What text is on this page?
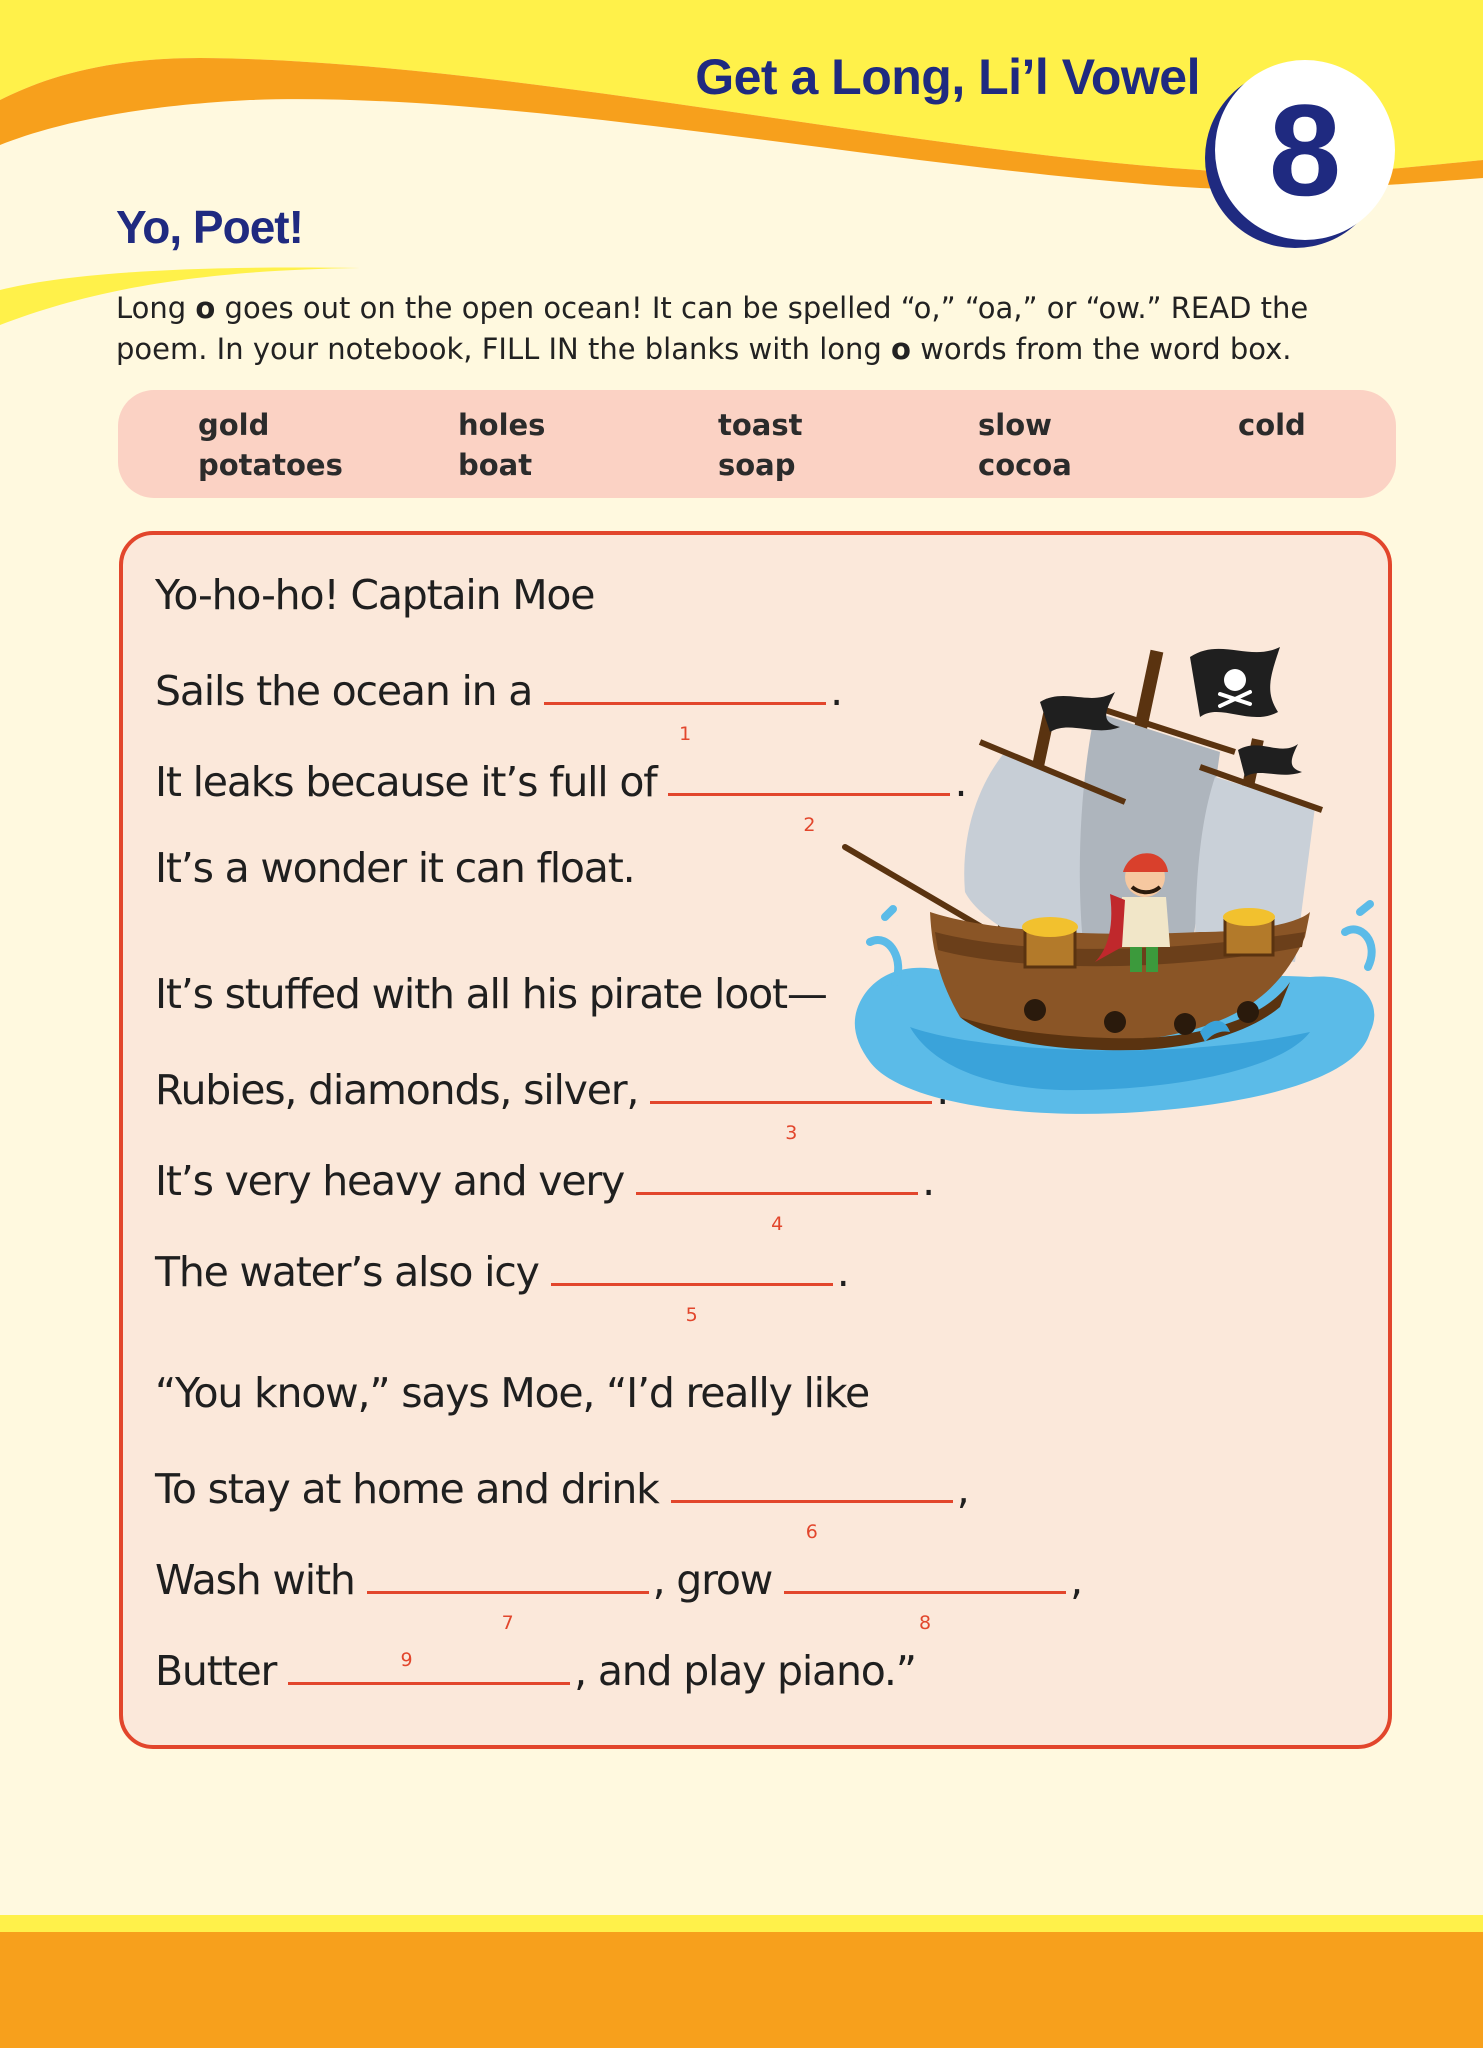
Get a Long, Li’l Vowel 8
Yo, Poet!
Long o goes out on the open ocean! It can be spelled “o,” “oa,” or “ow.” READ the poem. In your notebook, FILL IN the blanks with long o words from the word box.
gold	holes	toast	slow	cold
potatoes	boat	soap	cocoa
Yo-ho-ho! Captain Moe
Sails the ocean in a
1
.
It leaks because it’s full of
2
.
It’s a wonder it can float.
It’s stuffed with all his pirate loot—
Rubies, diamonds, silver,
3
It’s very heavy and very
4
.
The water’s also icy
5
.
“You know,” says Moe, “I’d really like
To stay at home and drink
6
,
Wash with
7
, grow
8
,
Butter	9	, and play piano.”
